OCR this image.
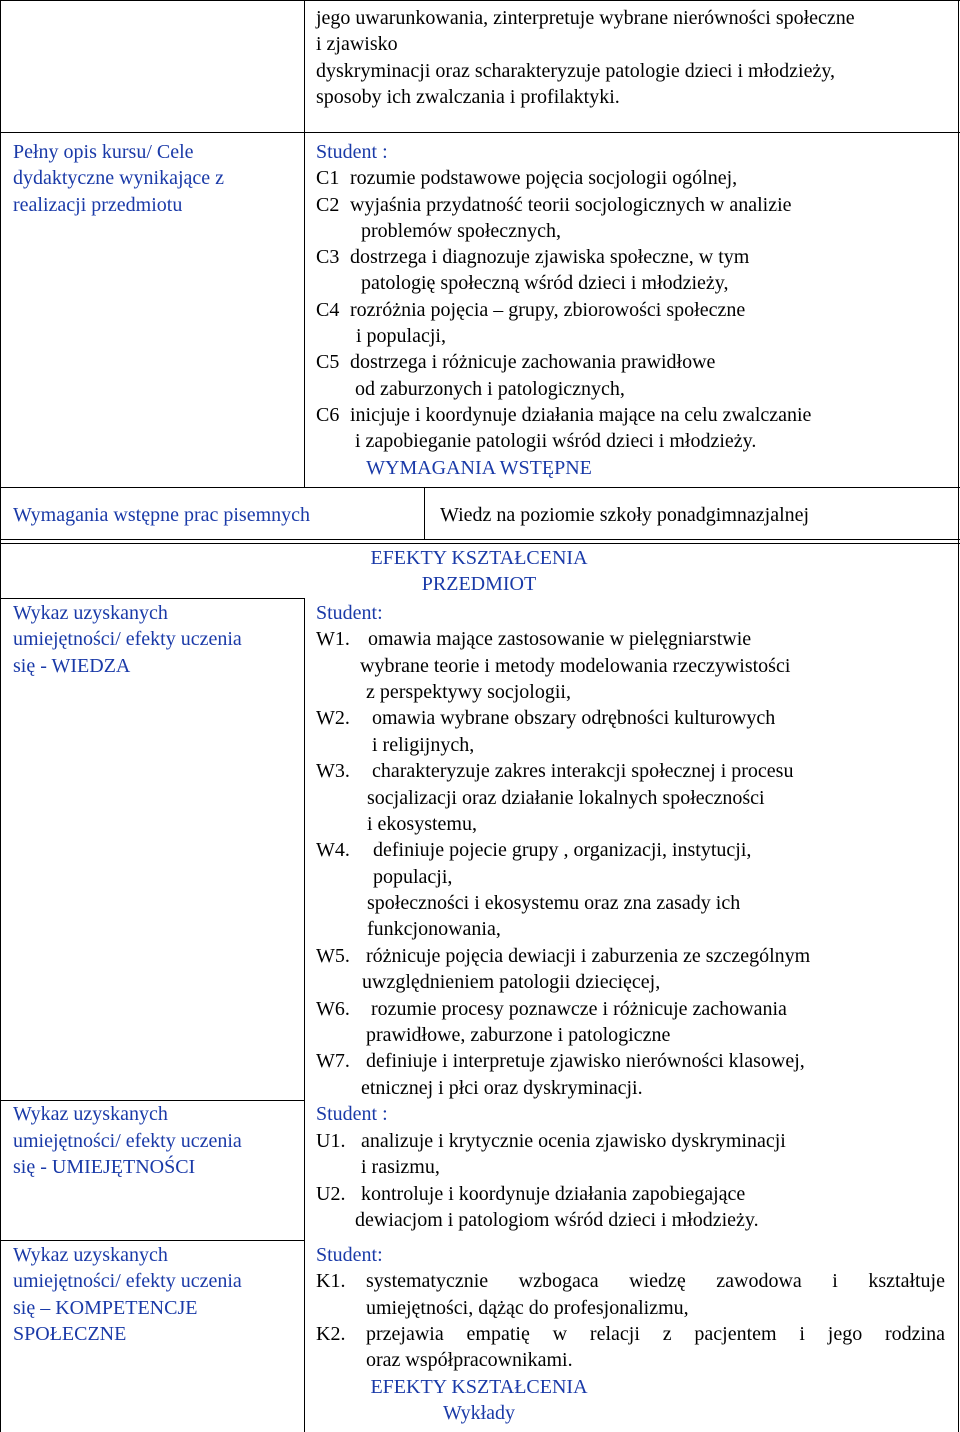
jego uwarunkowania, zinterpretuje wybrane nierówności społeczne

i zjawisko

dyskryminacji oraz scharakteryzuje patologie dzieci i młodzieży,

sposoby ich zwalczania i profilaktyki.

Pełny opis kursu/ Cele

dydaktyczne wynikające z

realizacji przedmiotu

Student :

C1 rozumie podstawowe pojęcia socjologii ogólnej,

C2 wyjaśnia przydatność teorii socjologicznych w analizie

problemów społecznych,

C3 dostrzega i diagnozuje zjawiska społeczne, w tym

patologię społeczną wśród dzieci i młodzieży,

C4 rozróżnia pojęcia – grupy, zbiorowości społeczne

i populacji,

C5 dostrzega i różnicuje zachowania prawidłowe

od zaburzonych i patologicznych,

C6 inicjuje i koordynuje działania mające na celu zwalczanie

i zapobieganie patologii wśród dzieci i młodzieży.

WYMAGANIA WSTĘPNE

Wymagania wstępne prac pisemnych	Wiedz na poziomie szkoły ponadgimnazjalnej

EFEKTY KSZTAŁCENIA

PRZEDMIOT

Wykaz uzyskanych

umiejętności/ efekty uczenia

się - WIEDZA

Student:

W1. omawia mające zastosowanie w pielęgniarstwie

wybrane teorie i metody modelowania rzeczywistości

z perspektywy socjologii,

W2. omawia wybrane obszary odrębności kulturowych

i religijnych,

W3. charakteryzuje zakres interakcji społecznej i procesu

socjalizacji oraz działanie lokalnych społeczności

i ekosystemu,

W4. definiuje pojecie grupy , organizacji, instytucji,

populacji,

społeczności i ekosystemu oraz zna zasady ich

funkcjonowania,

W5. różnicuje pojęcia dewiacji i zaburzenia ze szczególnym

uwzględnieniem patologii dziecięcej,

W6. rozumie procesy poznawcze i różnicuje zachowania

prawidłowe, zaburzone i patologiczne

W7. definiuje i interpretuje zjawisko nierówności klasowej,

etnicznej i płci oraz dyskryminacji.

Wykaz uzyskanych

umiejętności/ efekty uczenia

się - UMIEJĘTNOŚCI

Student :

U1. analizuje i krytycznie ocenia zjawisko dyskryminacji

i rasizmu,

U2. kontroluje i koordynuje działania zapobiegające

dewiacjom i patologiom wśród dzieci i młodzieży.

Wykaz uzyskanych

umiejętności/ efekty uczenia

się – KOMPETENCJE

SPOŁECZNE

Student:

K1. systematycznie wzbogaca wiedzę zawodowa i kształtuje

umiejętności, dążąc do profesjonalizmu,

K2. przejawia empatię w relacji z pacjentem i jego rodzina

oraz współpracownikami.

EFEKTY KSZTAŁCENIA

Wykłady
